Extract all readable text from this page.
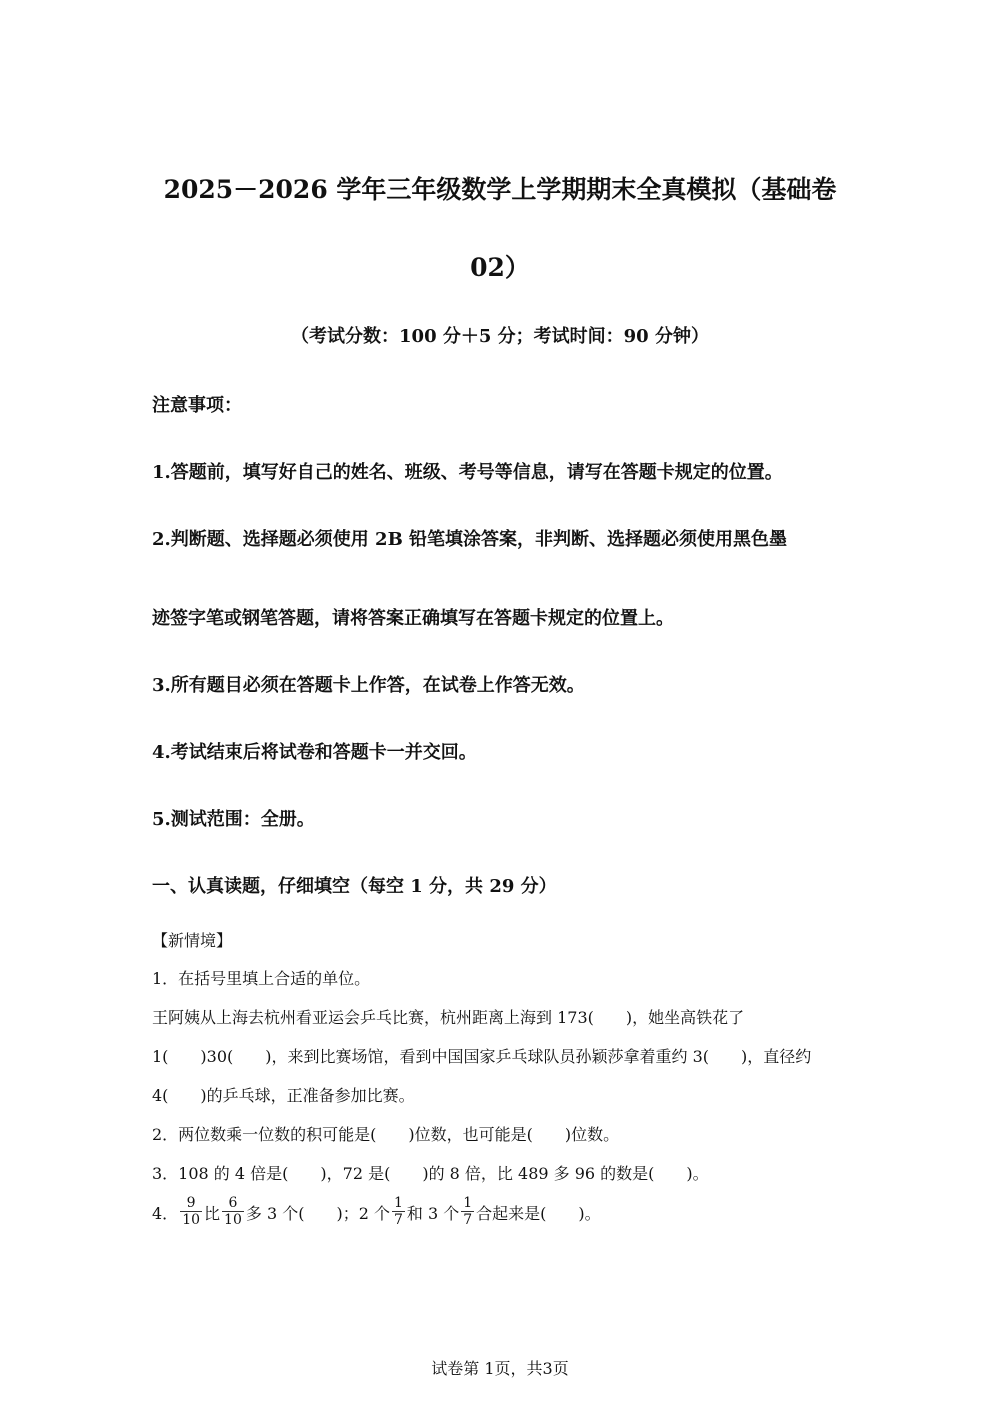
2025－2026 学年三年级数学上学期期末全真模拟（基础卷
02）
（考试分数：100 分＋5 分；考试时间：90 分钟）
注意事项：
1.答题前，填写好自己的姓名、班级、考号等信息，请写在答题卡规定的位置。
2.判断题、选择题必须使用 2B 铅笔填涂答案，非判断、选择题必须使用黑色墨
迹签字笔或钢笔答题，请将答案正确填写在答题卡规定的位置上。
3.所有题目必须在答题卡上作答，在试卷上作答无效。
4.考试结束后将试卷和答题卡一并交回。
5.测试范围：全册。
一、认真读题，仔细填空（每空 1 分，共 29 分）
【新情境】
1．在括号里填上合适的单位。
王阿姨从上海去杭州看亚运会乒乓比赛，杭州距离上海到 173(　　)，她坐高铁花了
1(　　)30(　　)，来到比赛场馆，看到中国国家乒乓球队员孙颖莎拿着重约 3(　　)，直径约
4(　　)的乒乓球，正准备参加比赛。
2．两位数乘一位数的积可能是(　　)位数，也可能是(　　)位数。
3．108 的 4 倍是(　　)，72 是(　　)的 8 倍，比 489 多 96 的数是(　　)。
4． $\frac{9}{10}$ 比 $\frac{6}{10}$ 多 3 个(　　)；2 个 $\frac{1}{7}$ 和 3 个 $\frac{1}{7}$ 合起来是(　　)。
试卷第 1页，共3页
